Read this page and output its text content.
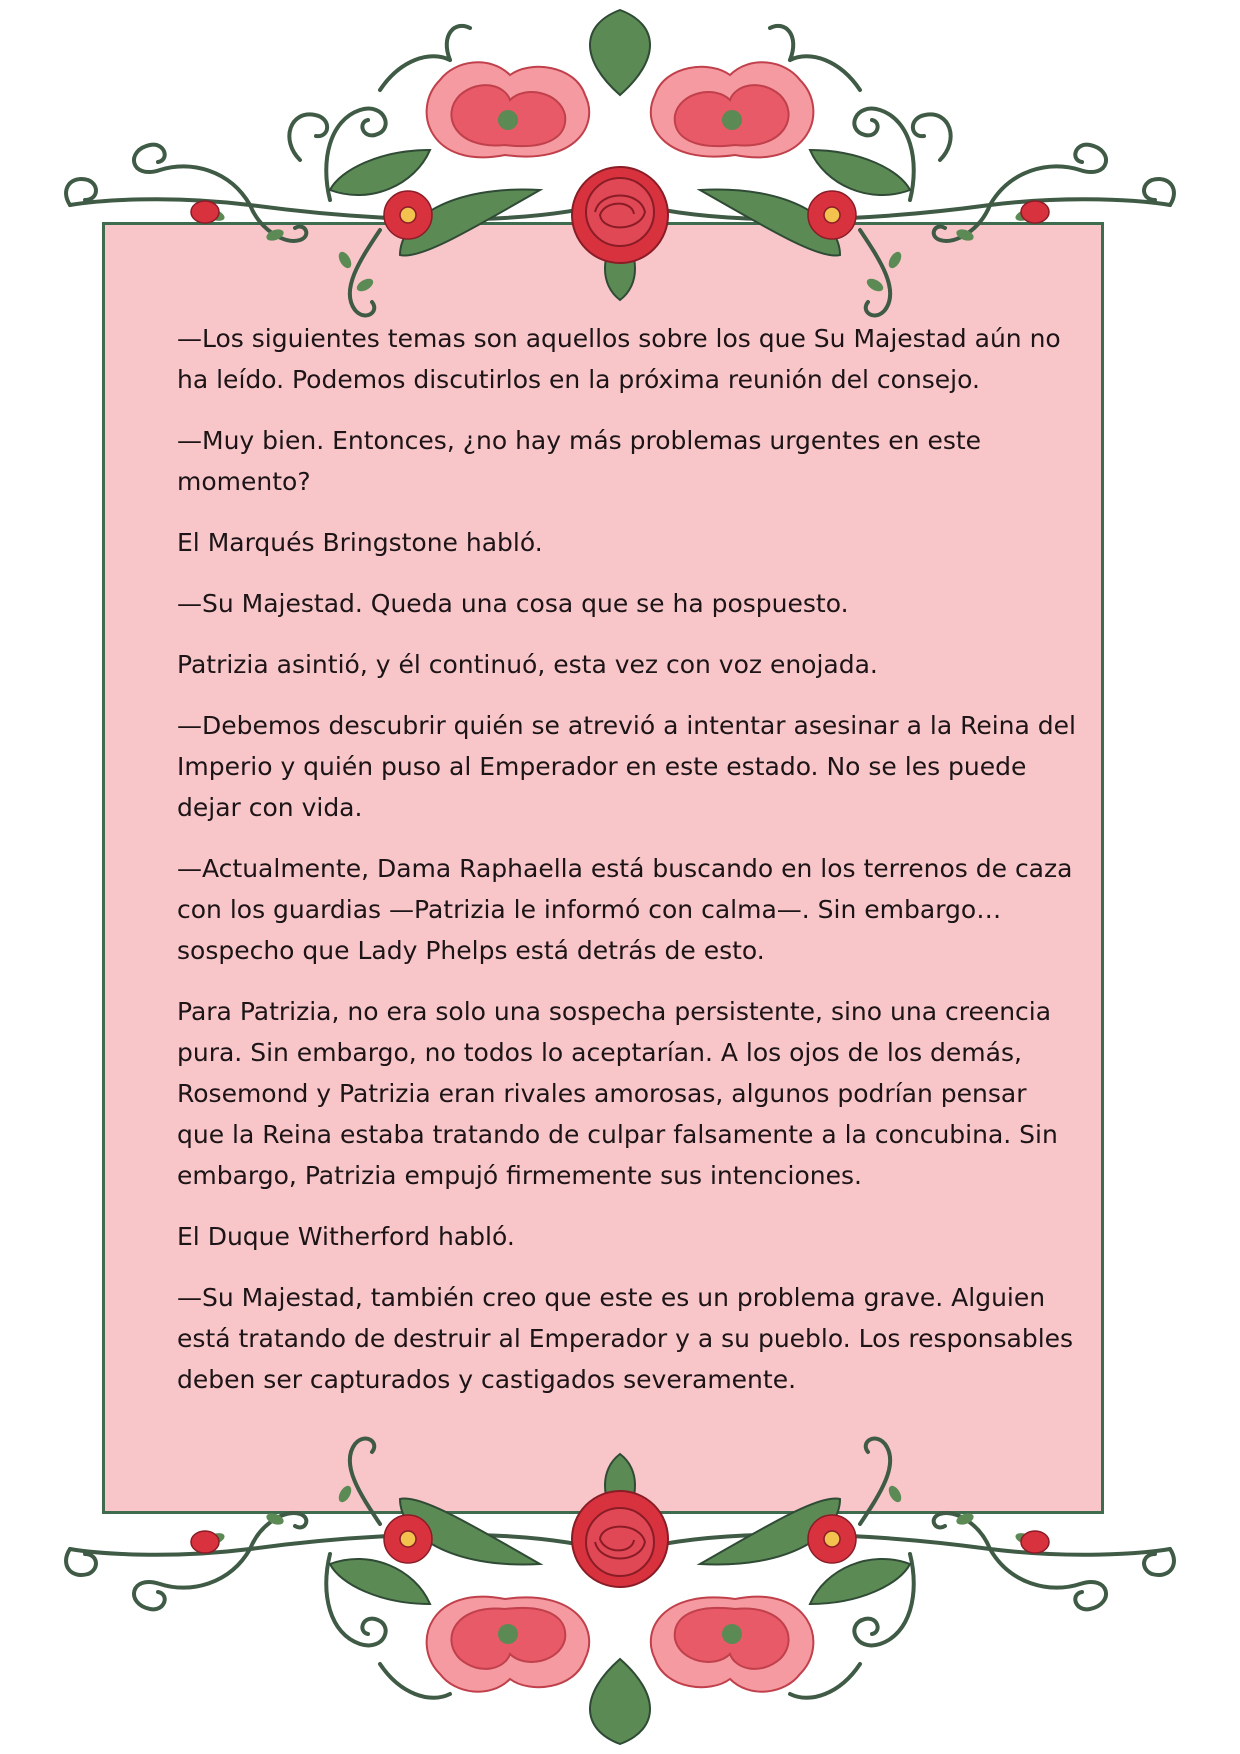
—Los siguientes temas son aquellos sobre los que Su Majestad aún no ha leído. Podemos discutirlos en la próxima reunión del consejo.

—Muy bien. Entonces, ¿no hay más problemas urgentes en este momento?

El Marqués Bringstone habló.

—Su Majestad. Queda una cosa que se ha pospuesto.

Patrizia asintió, y él continuó, esta vez con voz enojada.

—Debemos descubrir quién se atrevió a intentar asesinar a la Reina del Imperio y quién puso al Emperador en este estado. No se les puede dejar con vida.

—Actualmente, Dama Raphaella está buscando en los terrenos de caza con los guardias —Patrizia le informó con calma—. Sin embargo… sospecho que Lady Phelps está detrás de esto.

Para Patrizia, no era solo una sospecha persistente, sino una creencia pura. Sin embargo, no todos lo aceptarían. A los ojos de los demás, Rosemond y Patrizia eran rivales amorosas, algunos podrían pensar que la Reina estaba tratando de culpar falsamente a la concubina. Sin embargo, Patrizia empujó firmemente sus intenciones.

El Duque Witherford habló.

—Su Majestad, también creo que este es un problema grave. Alguien está tratando de destruir al Emperador y a su pueblo. Los responsables deben ser capturados y castigados severamente.
